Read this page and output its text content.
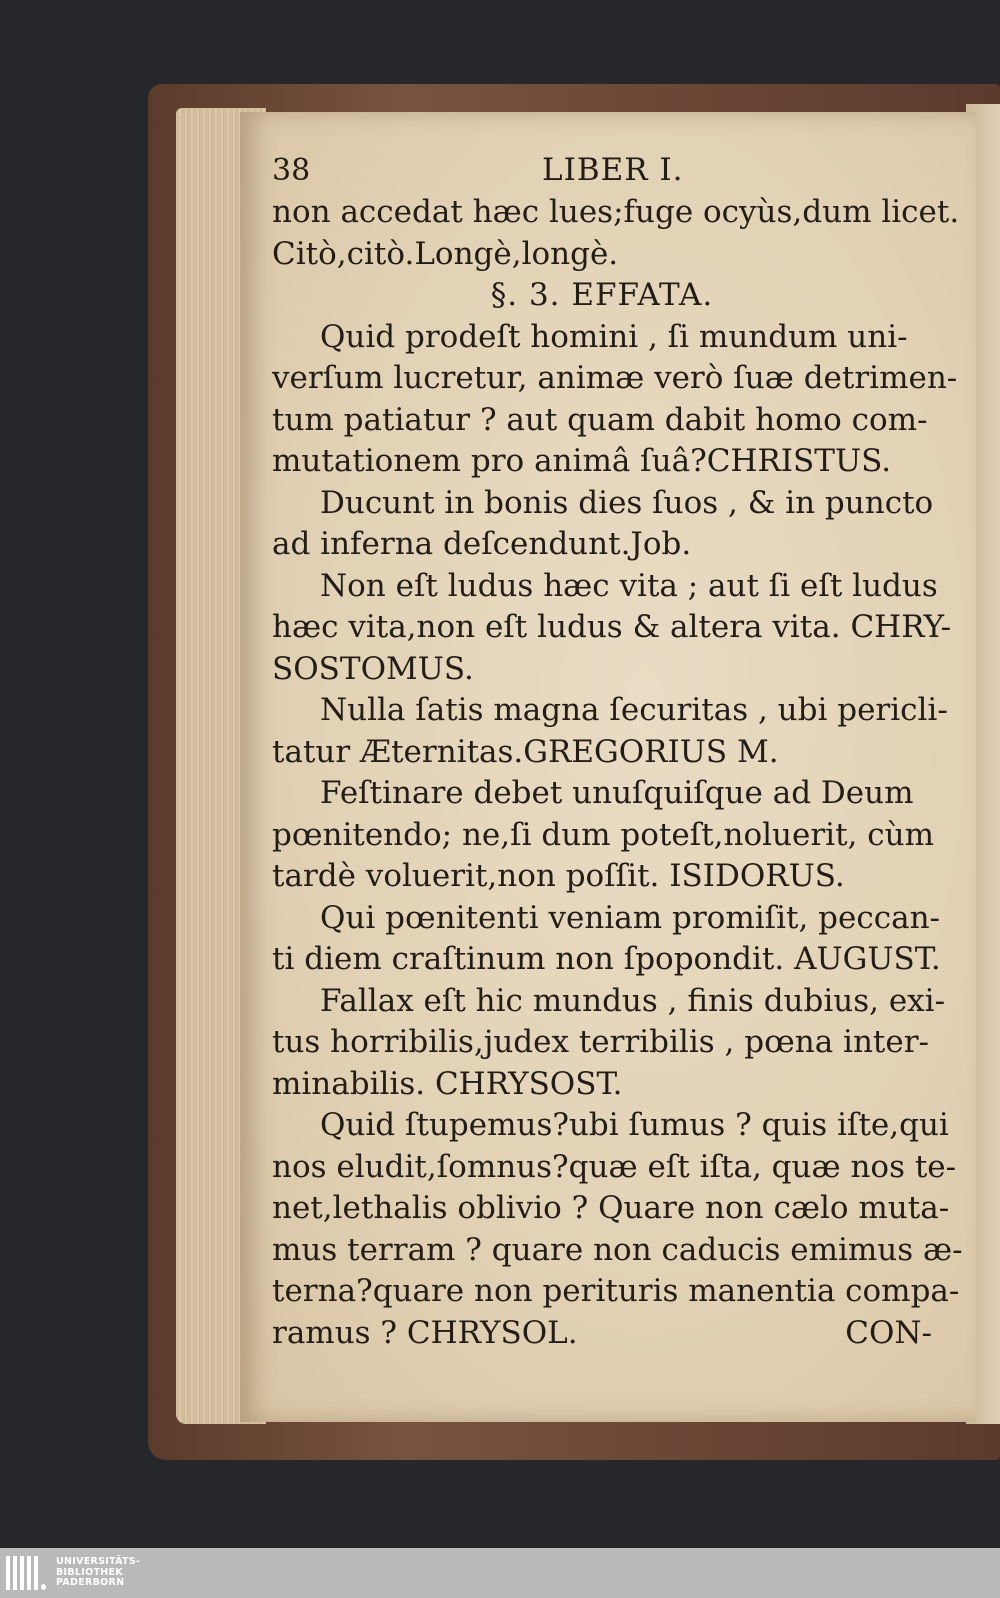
38	LIBER I.
non accedat hæc lues;fuge ocyùs,dum licet.
Citò,citò.Longè,longè.
§. 3. EFFATA.
Quid prodeſt homini , ſi mundum uni-
verſum lucretur, animæ verò ſuæ detrimen-
tum patiatur ? aut quam dabit homo com-
mutationem pro animâ ſuâ?CHRISTUS.
Ducunt in bonis dies ſuos , & in puncto
ad inferna deſcendunt.Job.
Non eſt ludus hæc vita ; aut ſi eſt ludus
hæc vita,non eſt ludus & altera vita. CHRY-
SOSTOMUS.
Nulla ſatis magna ſecuritas , ubi pericli-
tatur Æternitas.GREGORIUS M.
Feſtinare debet unuſquiſque ad Deum
pœnitendo; ne,ſi dum poteſt,noluerit, cùm
tardè voluerit,non poſſit. ISIDORUS.
Qui pœnitenti veniam promiſit, peccan-
ti diem craſtinum non ſpopondit. AUGUST.
Fallax eſt hic mundus , finis dubius, exi-
tus horribilis,judex terribilis , pœna inter-
minabilis. CHRYSOST.
Quid ſtupemus?ubi ſumus ? quis iſte,qui
nos eludit,ſomnus?quæ eſt iſta, quæ nos te-
net,lethalis oblivio ? Quare non cælo muta-
mus terram ? quare non caducis emimus æ-
terna?quare non perituris manentia compa-
ramus ? CHRYSOL.	CON-
UNIVERSITÄTS-
BIBLIOTHEK
PADERBORN
